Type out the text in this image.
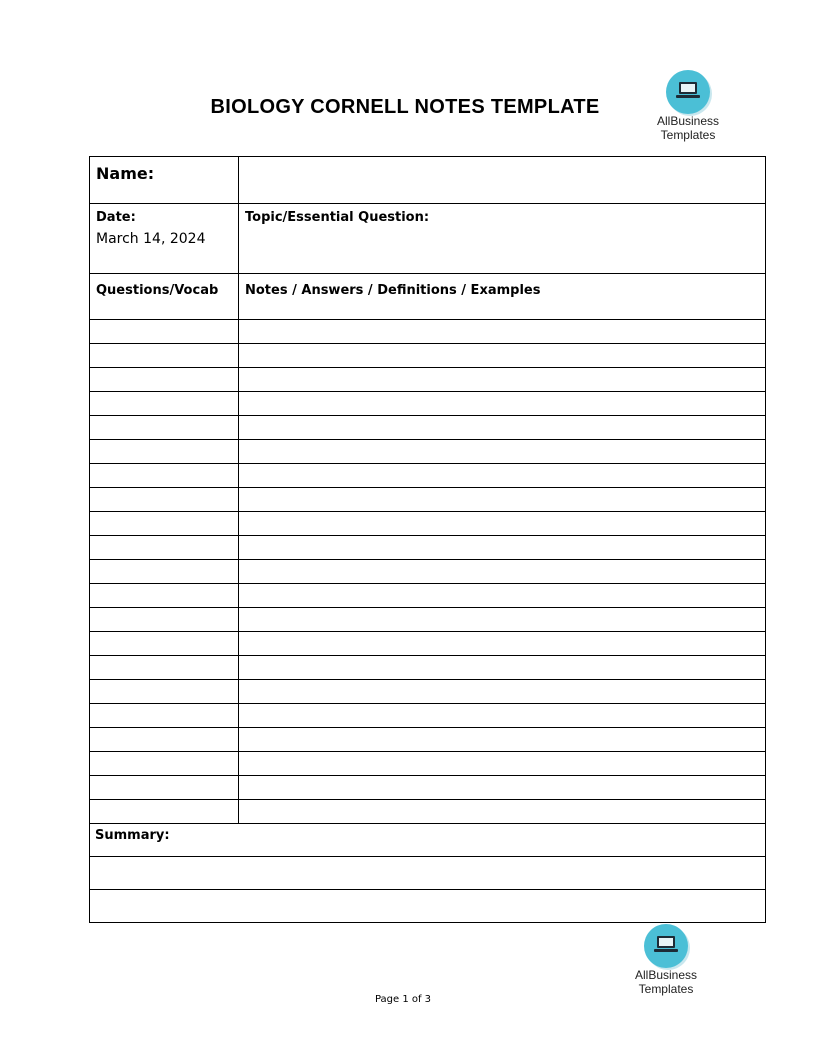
BIOLOGY CORNELL NOTES TEMPLATE
AllBusiness
Templates
Name:
Date:
March 14, 2024
Topic/Essential Question:
Questions/Vocab	Notes / Answers / Definitions / Examples
Summary:
Page 1 of 3
AllBusiness
Templates
